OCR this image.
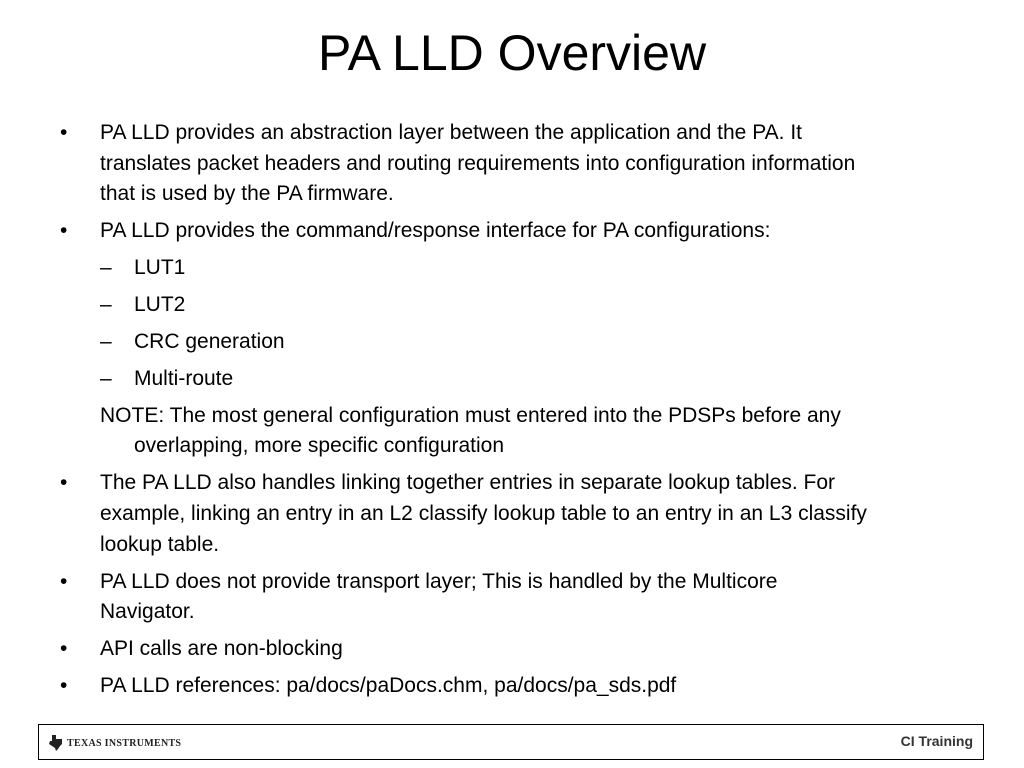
PA LLD Overview
• PA LLD provides an abstraction layer between the application and the PA. It
translates packet headers and routing requirements into configuration information
that is used by the PA firmware.
• PA LLD provides the command/response interface for PA configurations:
– LUT1
– LUT2
– CRC generation
– Multi-route
NOTE: The most general configuration must entered into the PDSPs before any
overlapping, more specific configuration
• The PA LLD also handles linking together entries in separate lookup tables. For
example, linking an entry in an L2 classify lookup table to an entry in an L3 classify
lookup table.
• PA LLD does not provide transport layer; This is handled by the Multicore
Navigator.
• API calls are non-blocking
• PA LLD references: pa/docs/paDocs.chm, pa/docs/pa_sds.pdf
TEXAS INSTRUMENTS	CI Training
